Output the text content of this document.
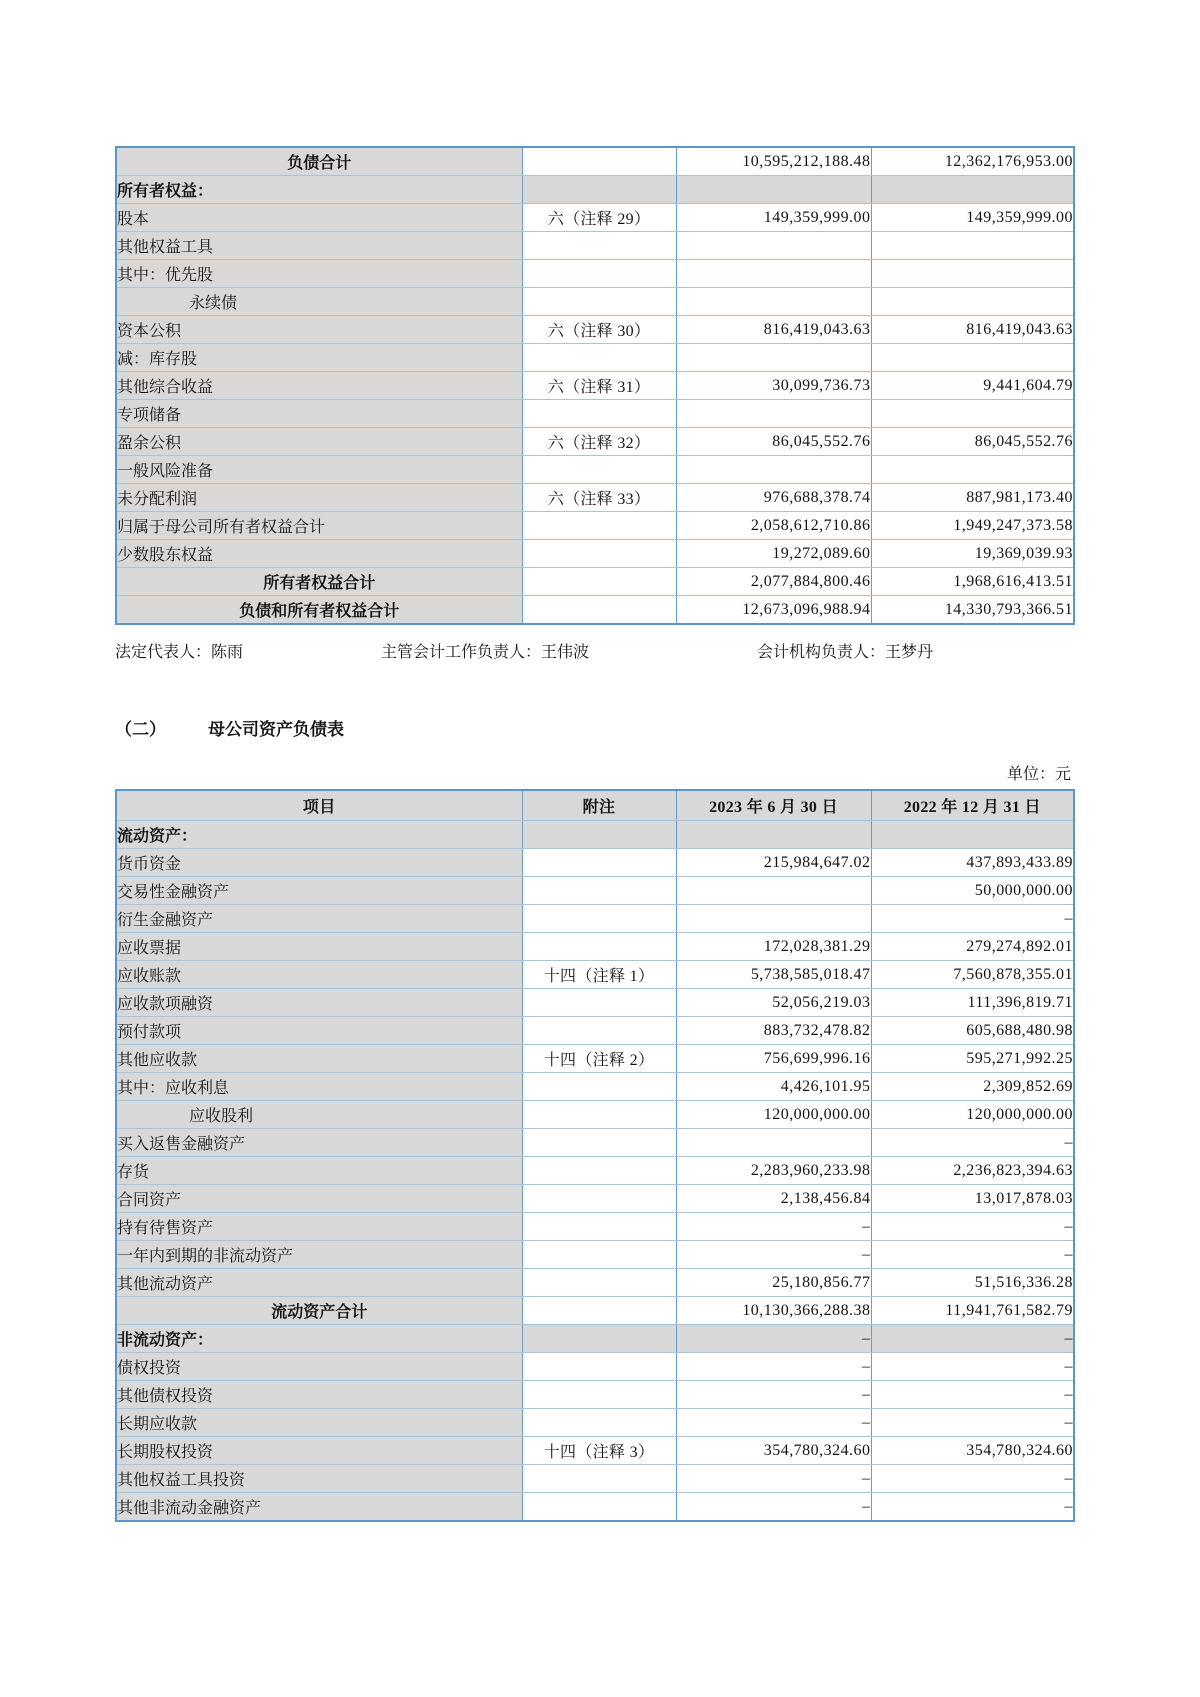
负债合计		10,595,212,188.48	12,362,176,953.00
所有者权益：			
股本	六（注释 29）	149,359,999.00	149,359,999.00
其他权益工具			
其中：优先股			
永续债			
资本公积	六（注释 30）	816,419,043.63	816,419,043.63
减：库存股			
其他综合收益	六（注释 31）	30,099,736.73	9,441,604.79
专项储备			
盈余公积	六（注释 32）	86,045,552.76	86,045,552.76
一般风险准备			
未分配利润	六（注释 33）	976,688,378.74	887,981,173.40
归属于母公司所有者权益合计		2,058,612,710.86	1,949,247,373.58
少数股东权益		19,272,089.60	19,369,039.93
所有者权益合计		2,077,884,800.46	1,968,616,413.51
负债和所有者权益合计		12,673,096,988.94	14,330,793,366.51
法定代表人：陈雨	主管会计工作负责人：王伟波	会计机构负责人：王梦丹
（二） 母公司资产负债表
单位：元
项目	附注	2023 年 6 月 30 日	2022 年 12 月 31 日
流动资产：			
货币资金		215,984,647.02	437,893,433.89
交易性金融资产			50,000,000.00
衍生金融资产			–
应收票据		172,028,381.29	279,274,892.01
应收账款	十四（注释 1）	5,738,585,018.47	7,560,878,355.01
应收款项融资		52,056,219.03	111,396,819.71
预付款项		883,732,478.82	605,688,480.98
其他应收款	十四（注释 2）	756,699,996.16	595,271,992.25
其中：应收利息		4,426,101.95	2,309,852.69
应收股利		120,000,000.00	120,000,000.00
买入返售金融资产			–
存货		2,283,960,233.98	2,236,823,394.63
合同资产		2,138,456.84	13,017,878.03
持有待售资产		–	–
一年内到期的非流动资产		–	–
其他流动资产		25,180,856.77	51,516,336.28
流动资产合计		10,130,366,288.38	11,941,761,582.79
非流动资产：		–	–
债权投资		–	–
其他债权投资		–	–
长期应收款		–	–
长期股权投资	十四（注释 3）	354,780,324.60	354,780,324.60
其他权益工具投资		–	–
其他非流动金融资产		–	–
